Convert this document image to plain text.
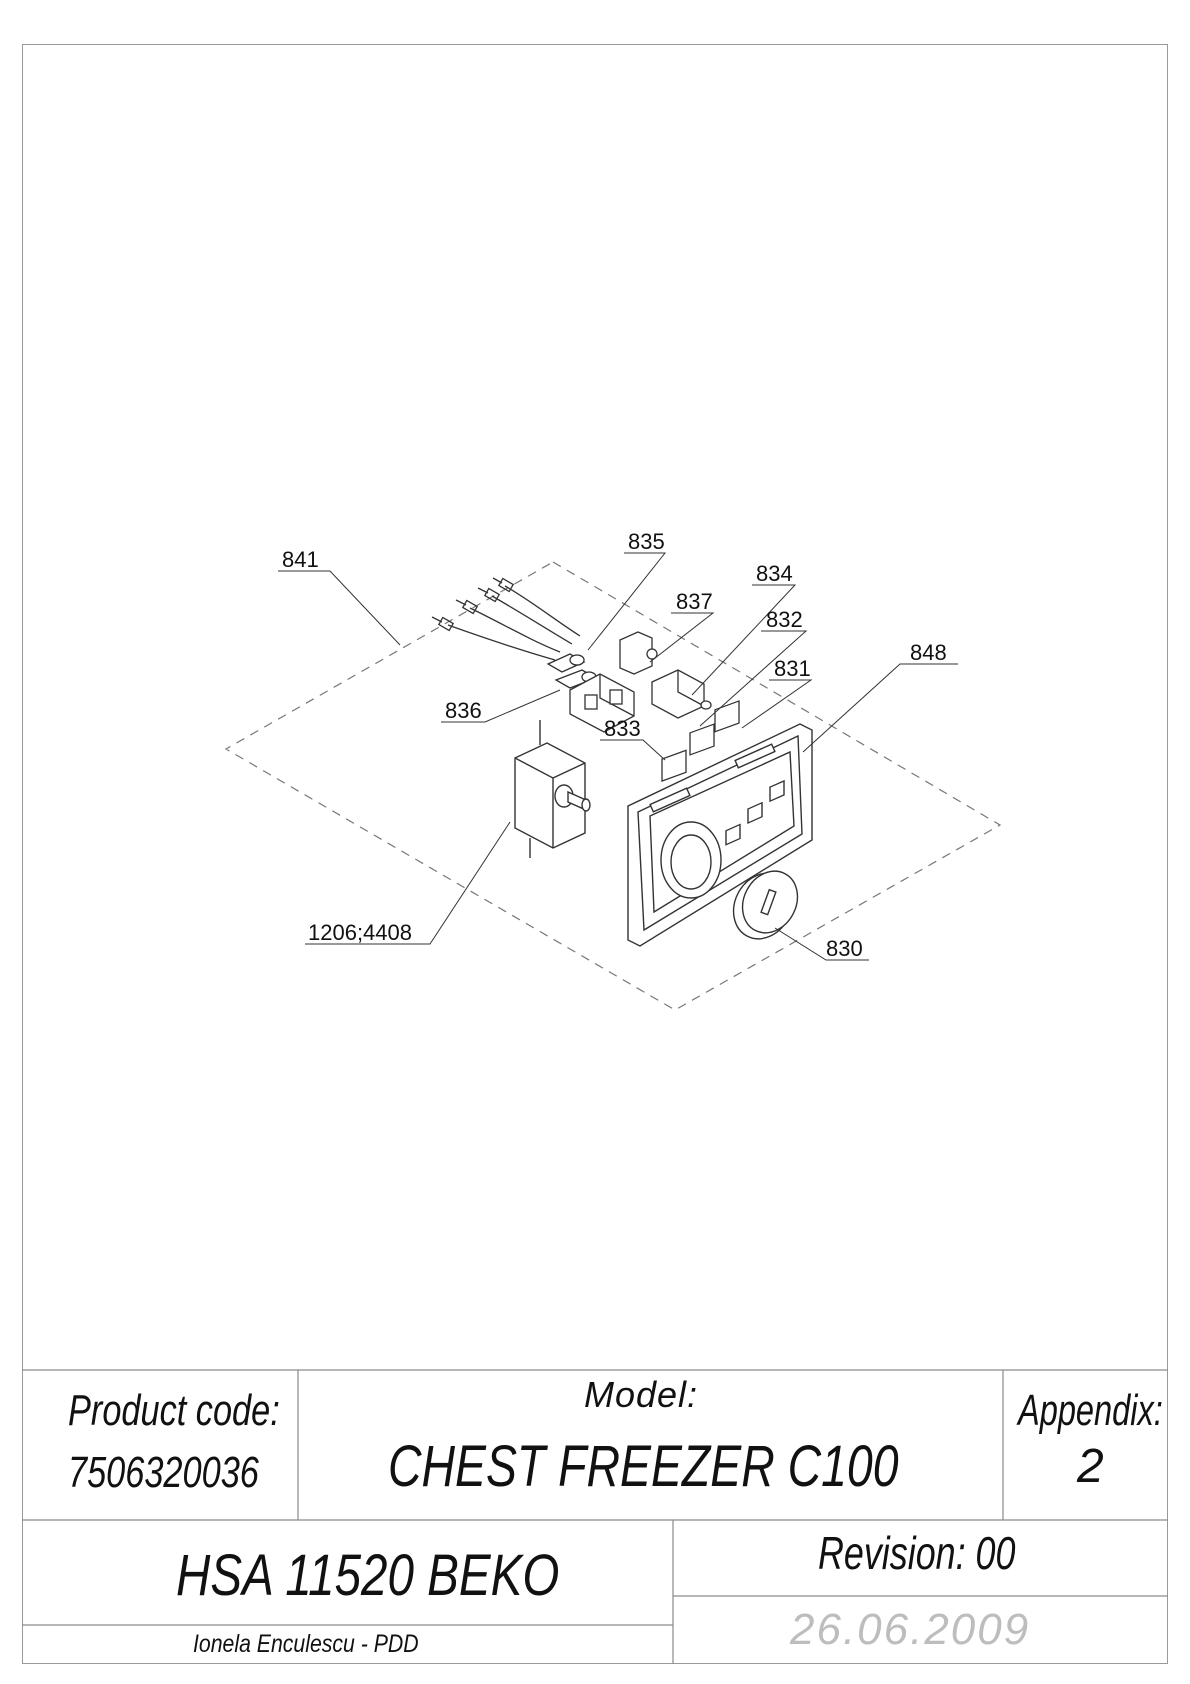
841
835
834
837
832
848
831
836
833
1206;4408
830
Product code:
7506320036
Model:
CHEST FREEZER C100
Appendix:
2
HSA 11520 BEKO	Revision: 00
Ionela Enculescu - PDD	26.06.2009
